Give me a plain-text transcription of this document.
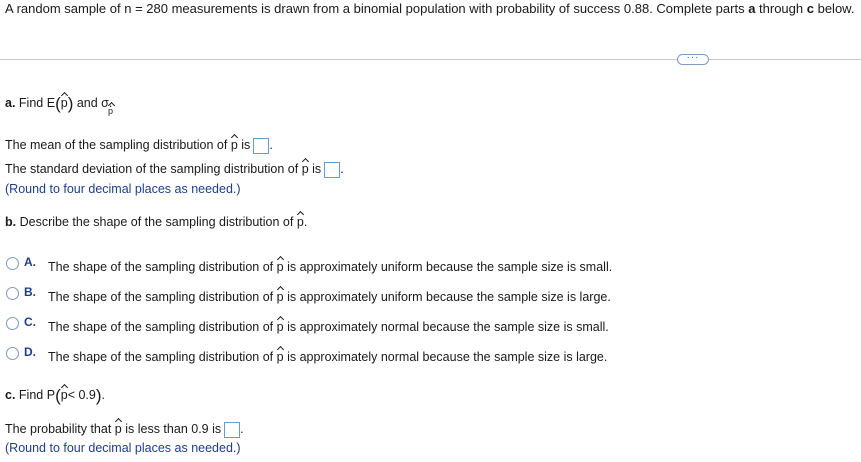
A random sample of n = 280 measurements is drawn from a binomial population with probability of success 0.88. Complete parts a through c below.
···
a. Find E(p) and σ.
p
The mean of the sampling distribution of p is .
The standard deviation of the sampling distribution of p is .
(Round to four decimal places as needed.)
b. Describe the shape of the sampling distribution of p.
A. The shape of the sampling distribution of p is approximately uniform because the sample size is small.
B. The shape of the sampling distribution of p is approximately uniform because the sample size is large.
C. The shape of the sampling distribution of p is approximately normal because the sample size is small.
D. The shape of the sampling distribution of p is approximately normal because the sample size is large.
c. Find P(p< 0.9).
The probability that p is less than 0.9 is .
(Round to four decimal places as needed.)
